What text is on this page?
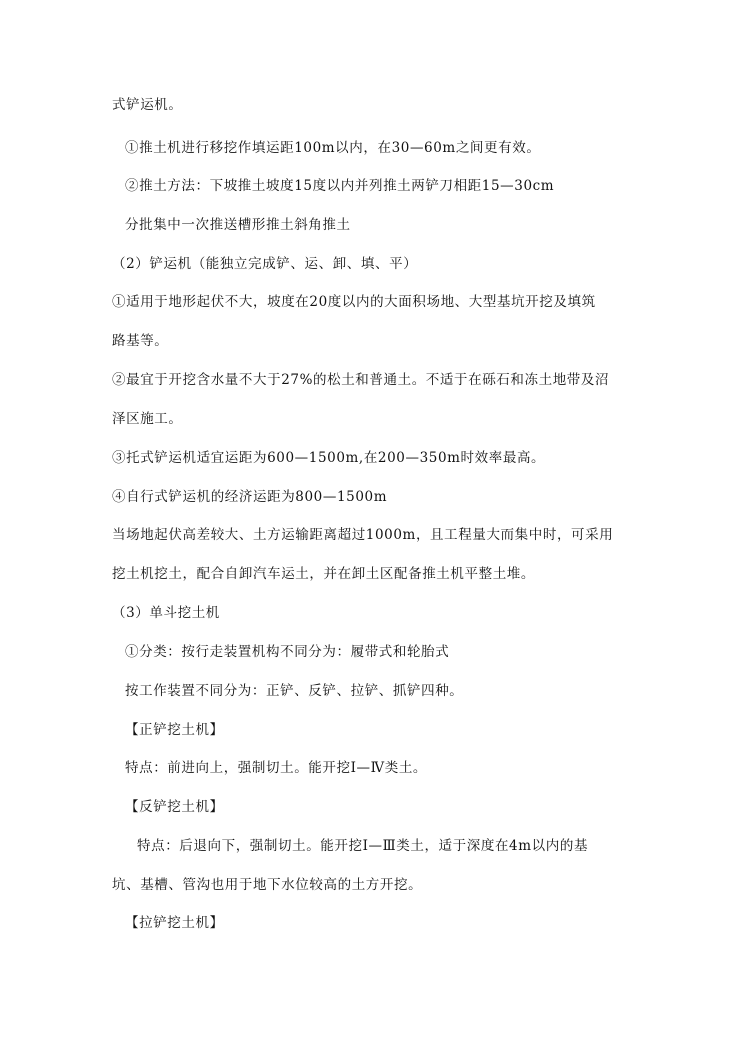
式铲运机。
①推土机进行移挖作填运距100m以内，在30—60m之间更有效。
②推土方法：下坡推土坡度15度以内并列推土两铲刀相距15—30cm
分批集中一次推送槽形推土斜角推土
（2）铲运机（能独立完成铲、运、卸、填、平）
①适用于地形起伏不大，坡度在20度以内的大面积场地、大型基坑开挖及填筑
路基等。
②最宜于开挖含水量不大于27%的松土和普通土。不适于在砾石和冻土地带及沼
泽区施工。
③托式铲运机适宜运距为600—1500m,在200—350m时效率最高。
④自行式铲运机的经济运距为800—1500m
当场地起伏高差较大、土方运输距离超过1000m，且工程量大而集中时，可采用
挖土机挖土，配合自卸汽车运土，并在卸土区配备推土机平整土堆。
（3）单斗挖土机
①分类：按行走装置机构不同分为：履带式和轮胎式
按工作装置不同分为：正铲、反铲、拉铲、抓铲四种。
【正铲挖土机】
特点：前进向上，强制切土。能开挖Ⅰ—Ⅳ类土。
【反铲挖土机】
特点：后退向下，强制切土。能开挖Ⅰ—Ⅲ类土，适于深度在4m以内的基
坑、基槽、管沟也用于地下水位较高的土方开挖。
【拉铲挖土机】
